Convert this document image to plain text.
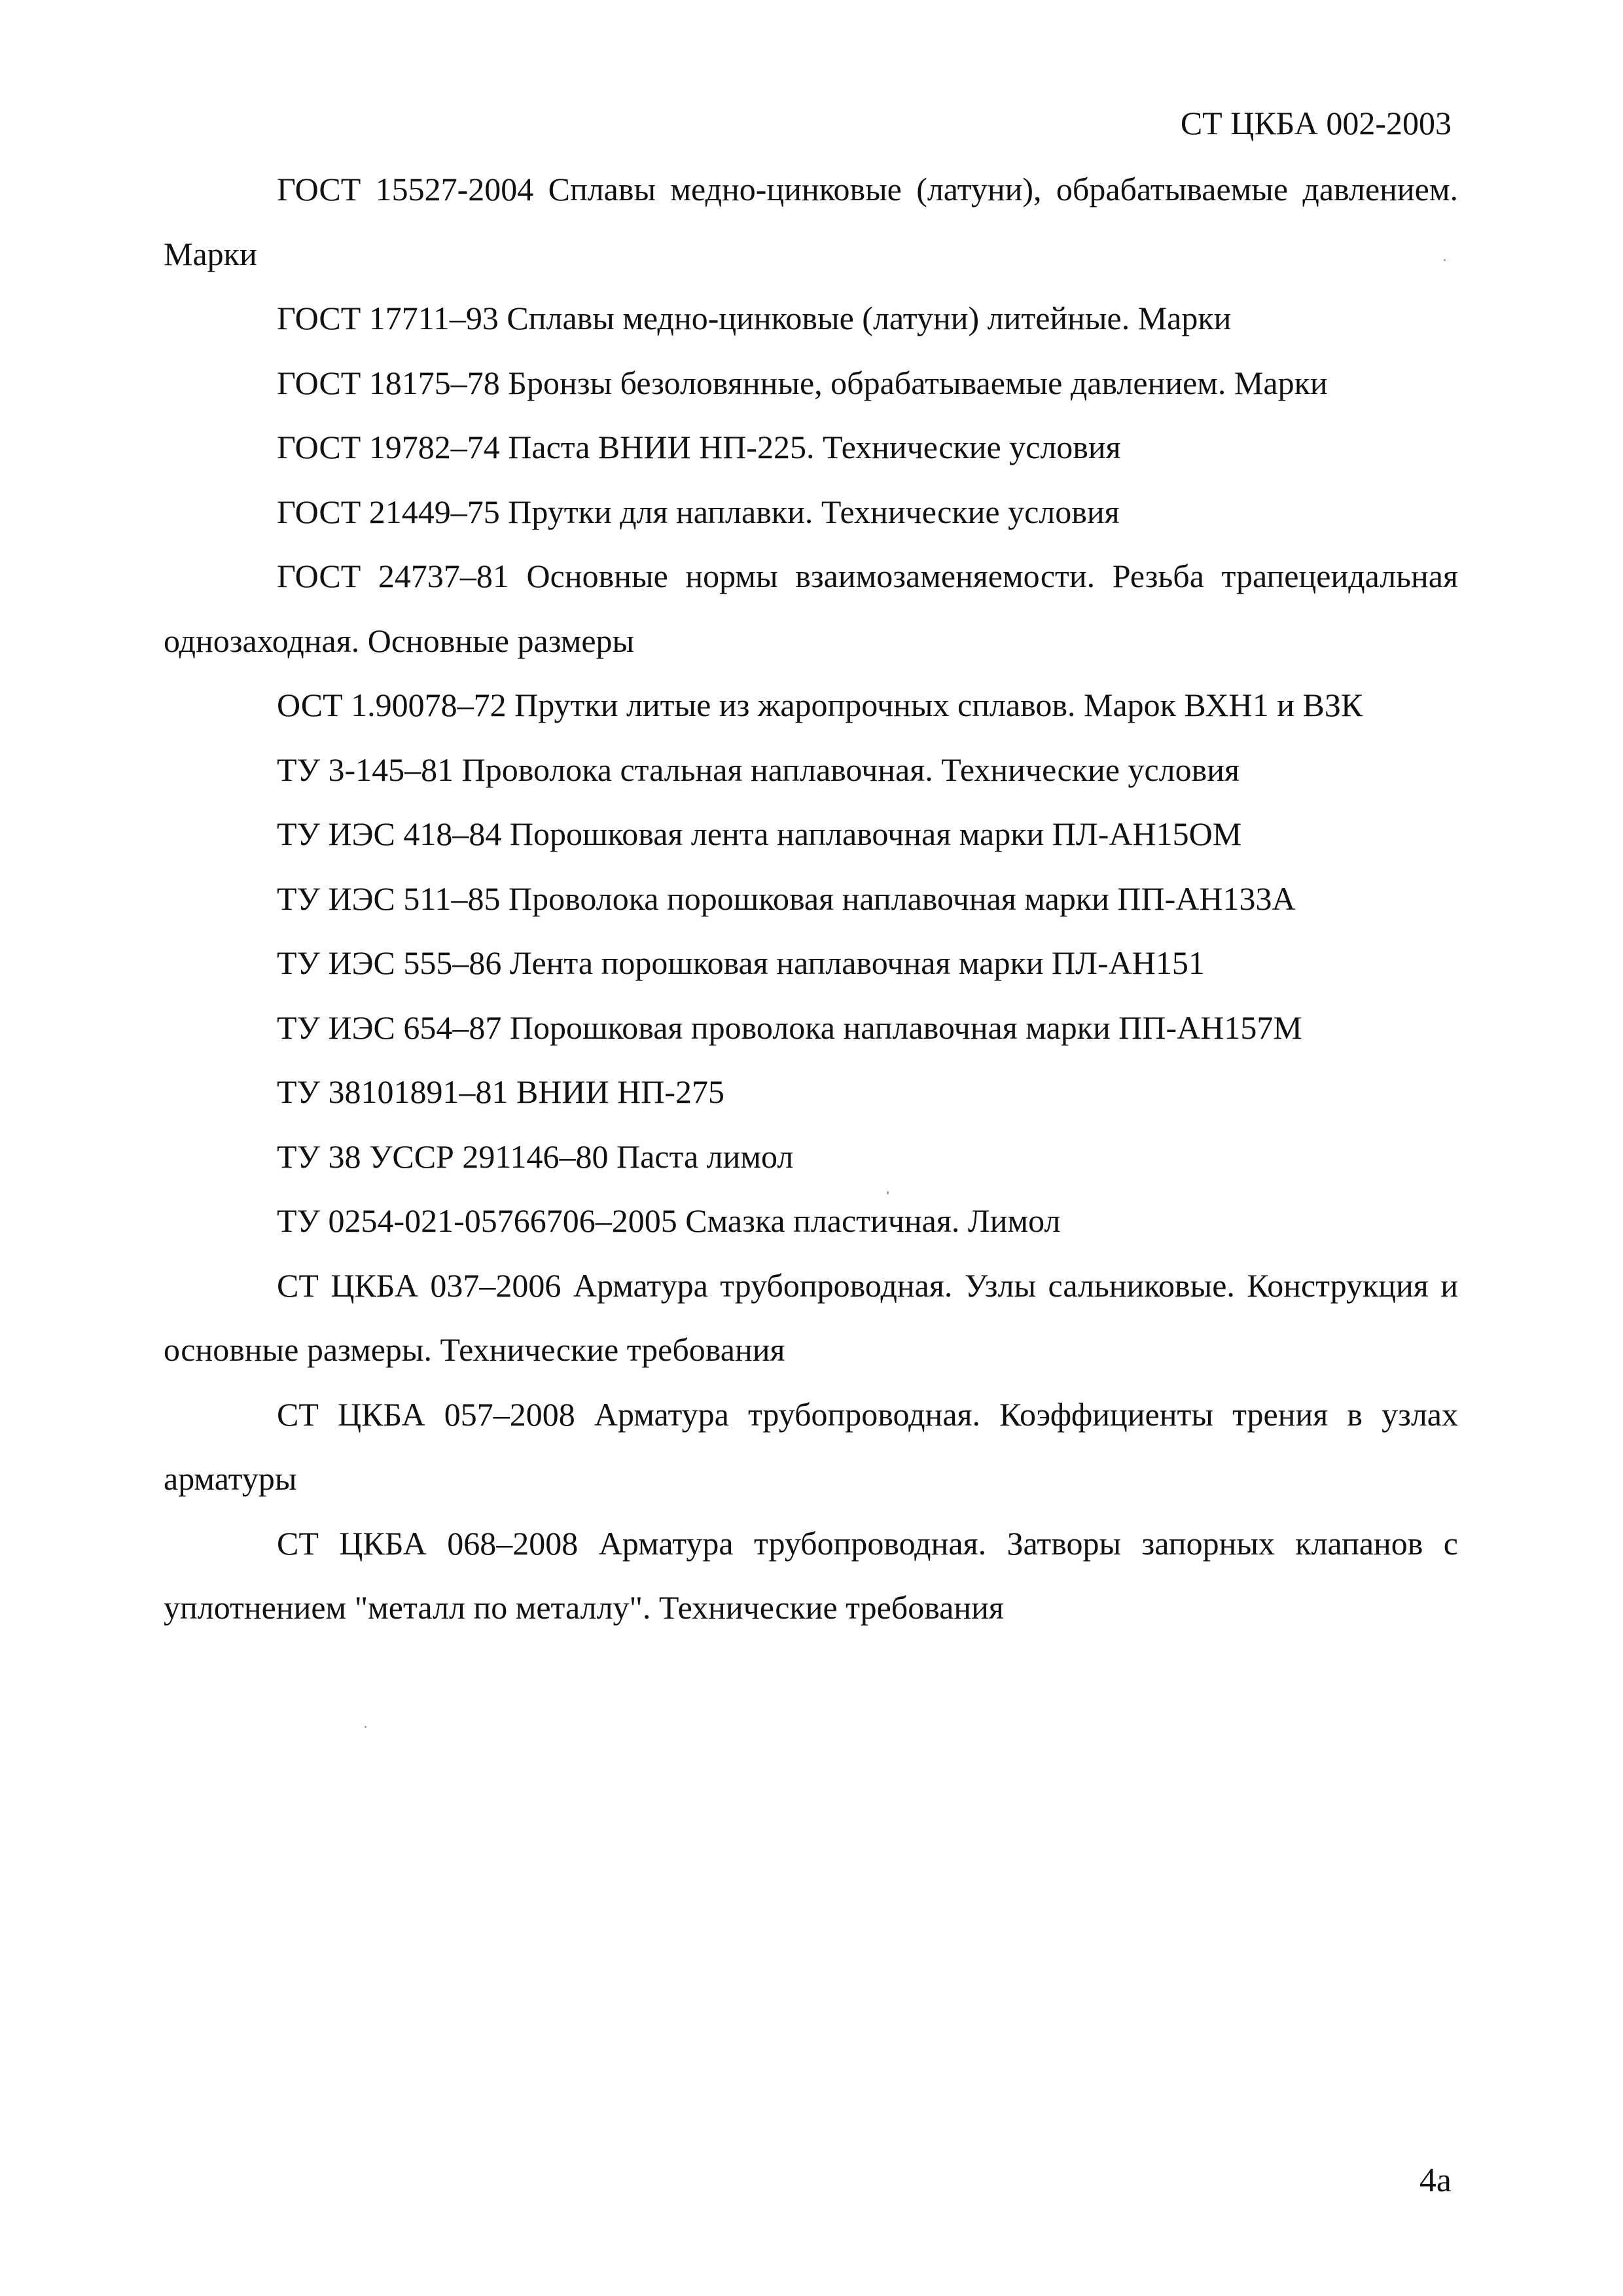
СТ ЦКБА 002-2003

ГОСТ 15527-2004 Сплавы медно-цинковые (латуни), обрабатываемые давлением. Марки

ГОСТ 17711–93 Сплавы медно-цинковые (латуни) литейные. Марки

ГОСТ 18175–78 Бронзы безоловянные, обрабатываемые давлением. Марки

ГОСТ 19782–74 Паста ВНИИ НП-225. Технические условия

ГОСТ 21449–75 Прутки для наплавки. Технические условия

ГОСТ 24737–81 Основные нормы взаимозаменяемости. Резьба трапецеидальная однозаходная. Основные размеры

ОСТ 1.90078–72 Прутки литые из жаропрочных сплавов. Марок ВХН1 и ВЗК

ТУ 3-145–81 Проволока стальная наплавочная. Технические условия

ТУ ИЭС 418–84 Порошковая лента наплавочная марки ПЛ-АН15ОМ

ТУ ИЭС 511–85 Проволока порошковая наплавочная марки ПП-АН133А

ТУ ИЭС 555–86 Лента порошковая наплавочная марки ПЛ-АН151

ТУ ИЭС 654–87 Порошковая проволока наплавочная марки ПП-АН157М

ТУ 38101891–81 ВНИИ НП-275

ТУ 38 УССР 291146–80 Паста лимол

ТУ 0254-021-05766706–2005 Смазка пластичная. Лимол

СТ ЦКБА 037–2006 Арматура трубопроводная. Узлы сальниковые. Конструкция и основные размеры. Технические требования

СТ ЦКБА 057–2008 Арматура трубопроводная. Коэффициенты трения в узлах арматуры

СТ ЦКБА 068–2008 Арматура трубопроводная. Затворы запорных клапанов с уплотнением "металл по металлу". Технические требования

4а
